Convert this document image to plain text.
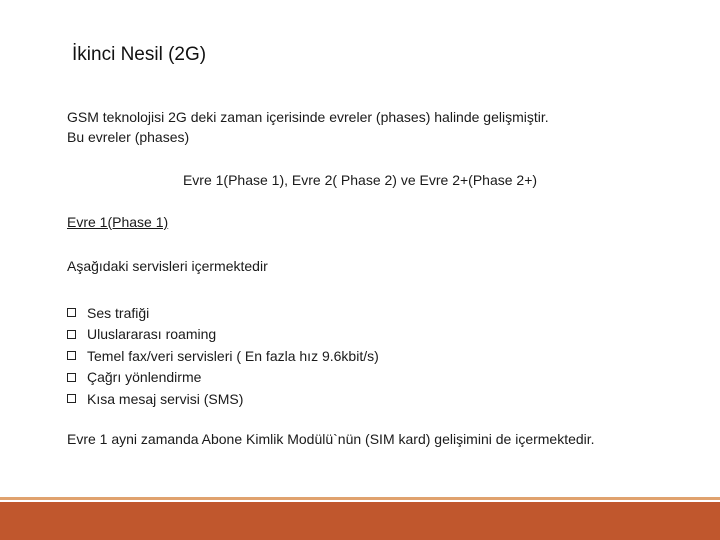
İkinci Nesil (2G)
GSM teknolojisi 2G deki zaman içerisinde evreler (phases) halinde gelişmiştir.
Bu evreler (phases)
Evre 1(Phase 1), Evre 2( Phase 2) ve Evre 2+(Phase 2+)
Evre 1(Phase 1)
Aşağıdaki servisleri içermektedir
Ses trafiği
Uluslararası roaming
Temel fax/veri servisleri ( En fazla hız 9.6kbit/s)
Çağrı yönlendirme
Kısa mesaj servisi (SMS)
Evre 1 ayni zamanda Abone Kimlik Modülü`nün (SIM kard) gelişimini de içermektedir.
